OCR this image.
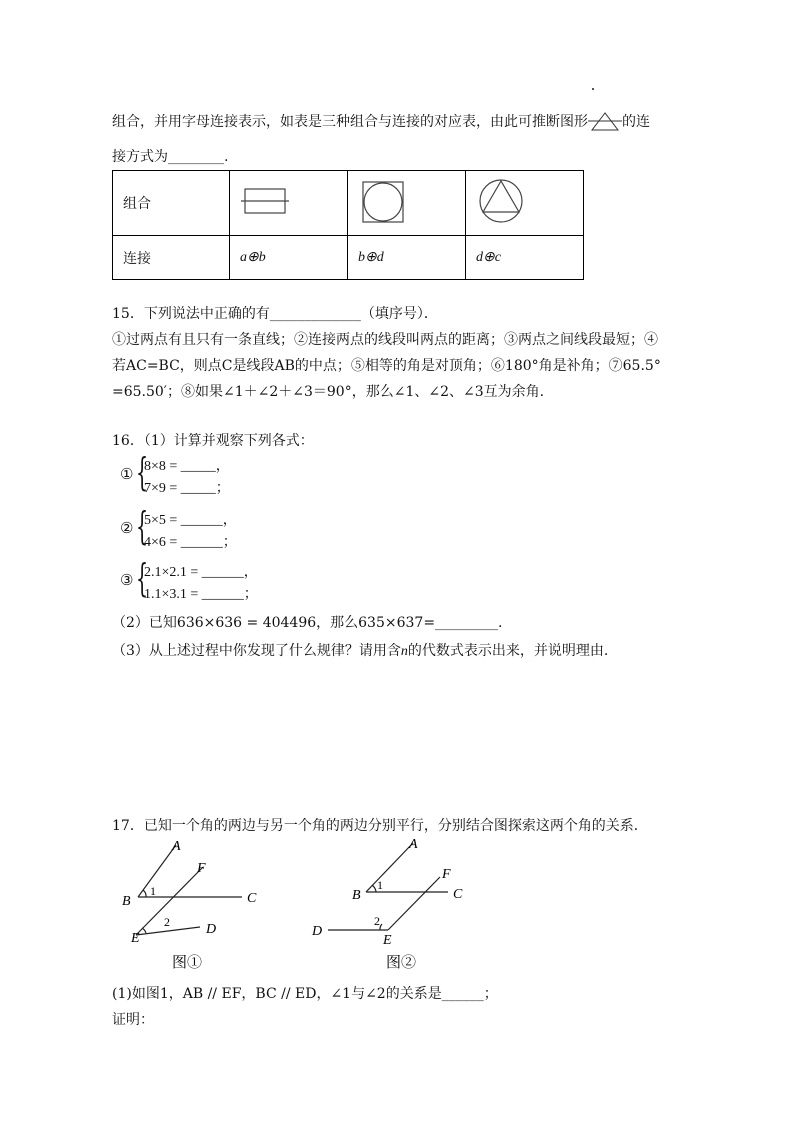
组合，并用字母连接表示，如表是三种组合与连接的对应表，由此可推断图形 的连
接方式为________.
组合			
连接	a⊕b	b⊕d	d⊕c
15．下列说法中正确的有_____________（填序号）．
①过两点有且只有一条直线；②连接两点的线段叫两点的距离；③两点之间线段最短；④
若AC=BC，则点C是线段AB的中点；⑤相等的角是对顶角；⑥180°角是补角；⑦65.5°
=65.50′；⑧如果∠1＋∠2＋∠3＝90°，那么∠1、∠2、∠3互为余角.
16．（1）计算并观察下列各式：
① {
8×8 = _____，
7×9 = _____；
② {
5×5 = ______，
4×6 = ______；
③ {
2.1×2.1 = ______，
1.1×3.1 = ______；
（2）已知636×636 = 404496，那么635×637=_________.
（3）从上述过程中你发现了什么规律？请用含n的代数式表示出来，并说明理由.
17．已知一个角的两边与另一个角的两边分别平行，分别结合图探索这两个角的关系．
A
F
B	C
D
E
1
2
图①
A
F
B	C
D
E
1
2
图②
(1)如图1，AB // EF，BC // ED，∠1与∠2的关系是______；
证明：
